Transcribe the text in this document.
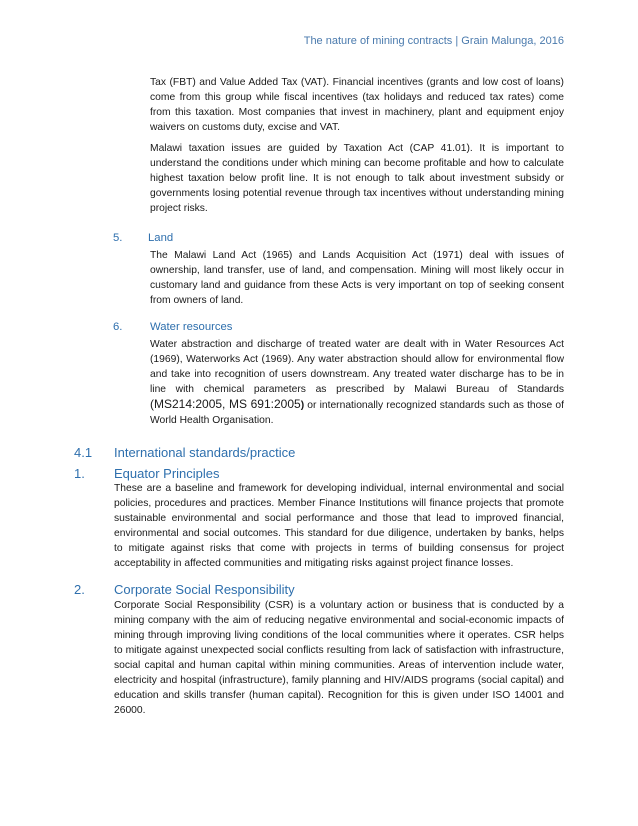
The nature of mining contracts | Grain Malunga, 2016

Tax (FBT) and Value Added Tax (VAT). Financial incentives (grants and low cost of loans) come from this group while fiscal incentives (tax holidays and reduced tax rates) come from this taxation. Most companies that invest in machinery, plant and equipment enjoy waivers on customs duty, excise and VAT.

Malawi taxation issues are guided by Taxation Act (CAP 41.01). It is important to understand the conditions under which mining can become profitable and how to calculate highest taxation below profit line. It is not enough to talk about investment subsidy or governments losing potential revenue through tax incentives without understanding mining project risks.

5. Land

The Malawi Land Act (1965) and Lands Acquisition Act (1971) deal with issues of ownership, land transfer, use of land, and compensation. Mining will most likely occur in customary land and guidance from these Acts is very important on top of seeking consent from owners of land.

6. Water resources

Water abstraction and discharge of treated water are dealt with in Water Resources Act (1969), Waterworks Act (1969). Any water abstraction should allow for environmental flow and take into recognition of users downstream. Any treated water discharge has to be in line with chemical parameters as prescribed by Malawi Bureau of Standards (MS214:2005, MS 691:2005) or internationally recognized standards such as those of World Health Organisation.

4.1 International standards/practice
1. Equator Principles

These are a baseline and framework for developing individual, internal environmental and social policies, procedures and practices. Member Finance Institutions will finance projects that promote sustainable environmental and social performance and those that lead to improved financial, environmental and social outcomes. This standard for due diligence, undertaken by banks, helps to mitigate against risks that come with projects in terms of building consensus for project acceptability in affected communities and mitigating risks against project finance losses.

2. Corporate Social Responsibility

Corporate Social Responsibility (CSR) is a voluntary action or business that is conducted by a mining company with the aim of reducing negative environmental and social-economic impacts of mining through improving living conditions of the local communities where it operates. CSR helps to mitigate against unexpected social conflicts resulting from lack of satisfaction with infrastructure, social capital and human capital within mining communities. Areas of intervention include water, electricity and hospital (infrastructure), family planning and HIV/AIDS programs (social capital) and education and skills transfer (human capital). Recognition for this is given under ISO 14001 and 26000.
